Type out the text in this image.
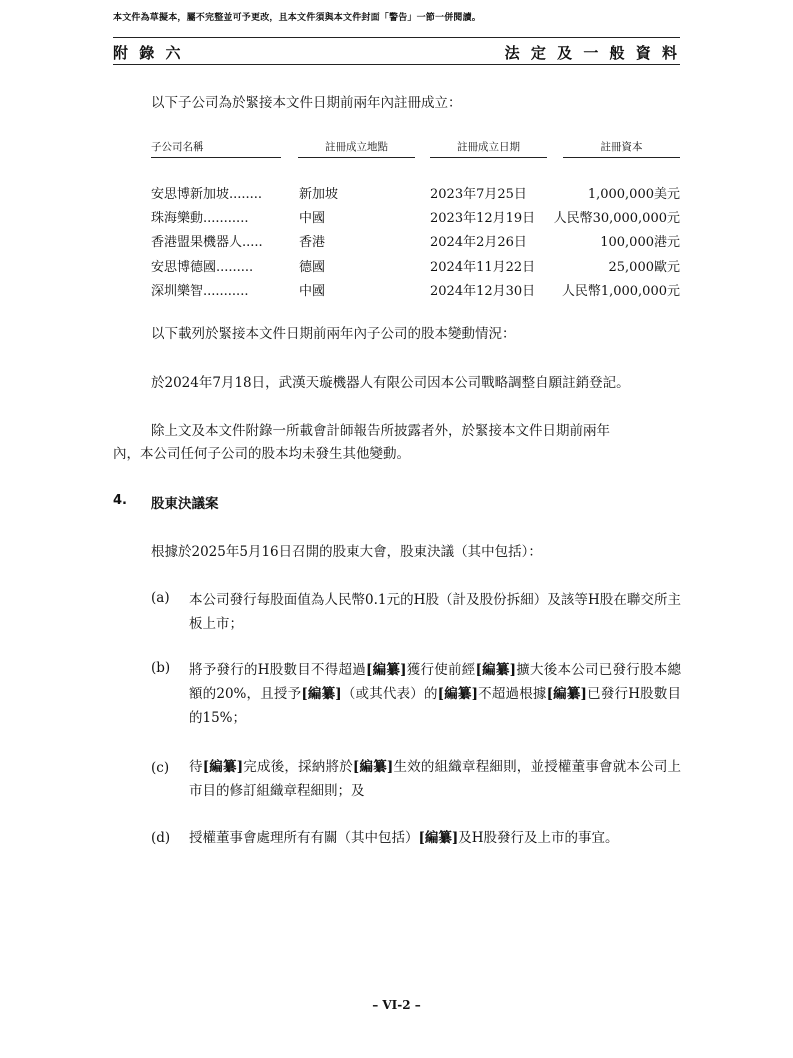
本文件為草擬本，屬不完整並可予更改，且本文件須與本文件封面「警告」一節一併閱讀。
附 錄 六	法 定 及 一 般 資 料
以下子公司為於緊接本文件日期前兩年內註冊成立：
子公司名稱	註冊成立地點	註冊成立日期	註冊資本
安思博新加坡........	新加坡	2023年7月25日	1,000,000美元
珠海樂動...........	中國	2023年12月19日	人民幣30,000,000元
香港盟果機器人.....	香港	2024年2月26日	100,000港元
安思博德國.........	德國	2024年11月22日	25,000歐元
深圳樂智...........	中國	2024年12月30日	人民幣1,000,000元
以下載列於緊接本文件日期前兩年內子公司的股本變動情況：
於2024年7月18日，武漢天璇機器人有限公司因本公司戰略調整自願註銷登記。
除上文及本文件附錄一所載會計師報告所披露者外，於緊接本文件日期前兩年
內，本公司任何子公司的股本均未發生其他變動。
4. 股東決議案
根據於2025年5月16日召開的股東大會，股東決議（其中包括）：
(a) 本公司發行每股面值為人民幣0.1元的H股（計及股份拆細）及該等H股在聯交所主板上市；
(b) 將予發行的H股數目不得超過[編纂]獲行使前經[編纂]擴大後本公司已發行股本總額的20%，且授予[編纂]（或其代表）的[編纂]不超過根據[編纂]已發行H股數目的15%；
(c) 待[編纂]完成後，採納將於[編纂]生效的組織章程細則，並授權董事會就本公司上市目的修訂組織章程細則；及
(d) 授權董事會處理所有有關（其中包括）[編纂]及H股發行及上市的事宜。
– VI-2 –
